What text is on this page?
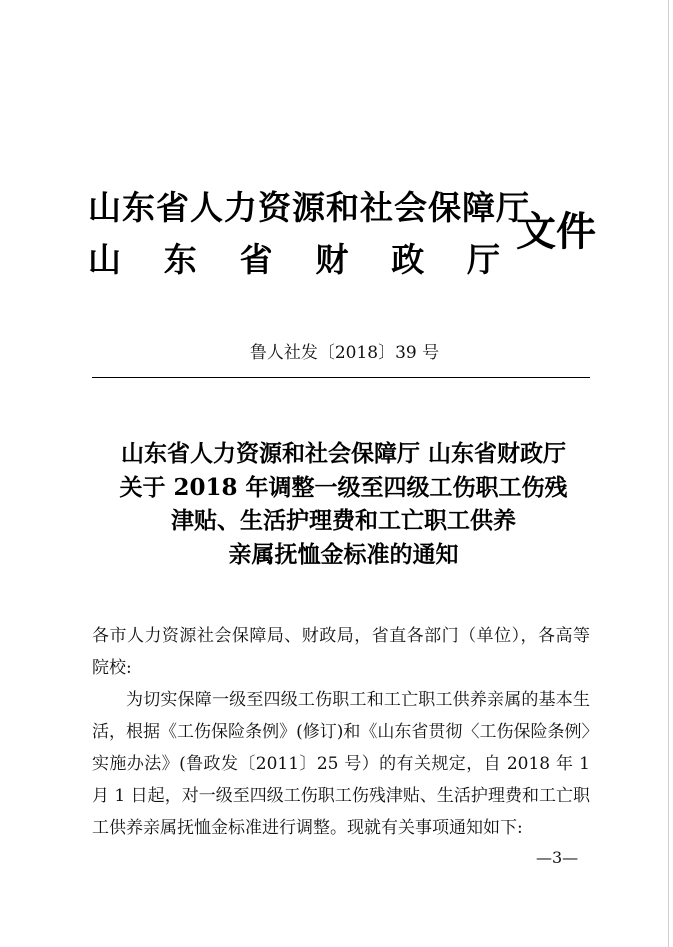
山东省人力资源和社会保障厅
山 东 省 财 政 厅
文件
鲁人社发〔2018〕39 号
山东省人力资源和社会保障厅 山东省财政厅
关于 2018 年调整一级至四级工伤职工伤残
津贴、生活护理费和工亡职工供养
亲属抚恤金标准的通知
各市人力资源社会保障局、财政局，省直各部门（单位），各高等院校:
为切实保障一级至四级工伤职工和工亡职工供养亲属的基本生活，根据《工伤保险条例》(修订)和《山东省贯彻〈工伤保险条例〉实施办法》(鲁政发〔2011〕25 号）的有关规定，自 2018 年 1 月 1 日起，对一级至四级工伤职工伤残津贴、生活护理费和工亡职工供养亲属抚恤金标准进行调整。现就有关事项通知如下:
—3—
